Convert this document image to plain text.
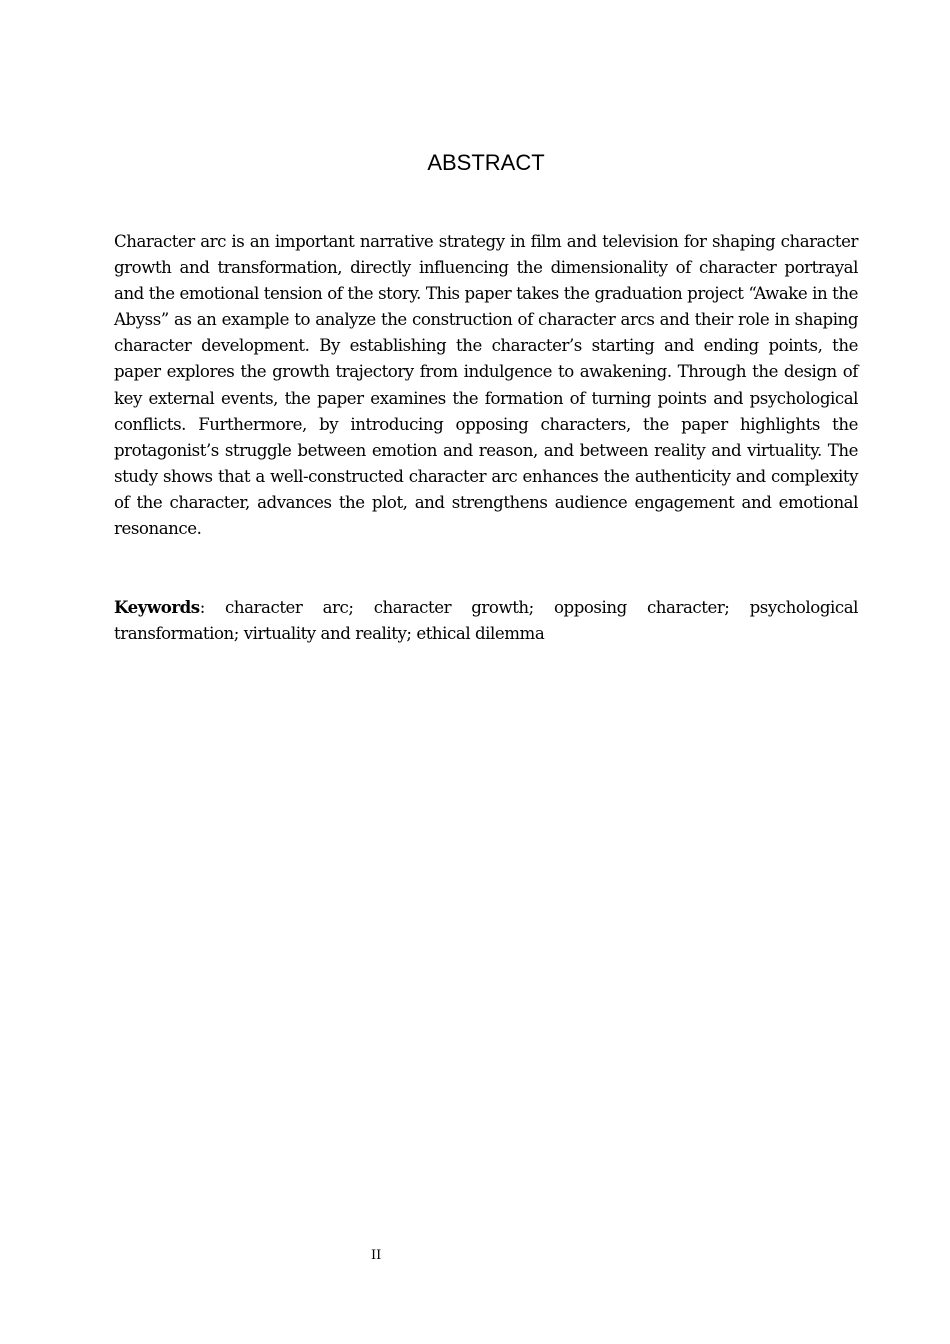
ABSTRACT

Character arc is an important narrative strategy in film and television for shaping character growth and transformation, directly influencing the dimensionality of character portrayal and the emotional tension of the story. This paper takes the graduation project “Awake in the Abyss” as an example to analyze the construction of character arcs and their role in shaping character development. By establishing the character’s starting and ending points, the paper explores the growth trajectory from indulgence to awakening. Through the design of key external events, the paper examines the formation of turning points and psychological conflicts. Furthermore, by introducing opposing characters, the paper highlights the protagonist’s struggle between emotion and reason, and between reality and virtuality. The study shows that a well-constructed character arc enhances the authenticity and complexity of the character, advances the plot, and strengthens audience engagement and emotional resonance.

Keywords: character arc; character growth; opposing character; psychological transformation; virtuality and reality; ethical dilemma

II
